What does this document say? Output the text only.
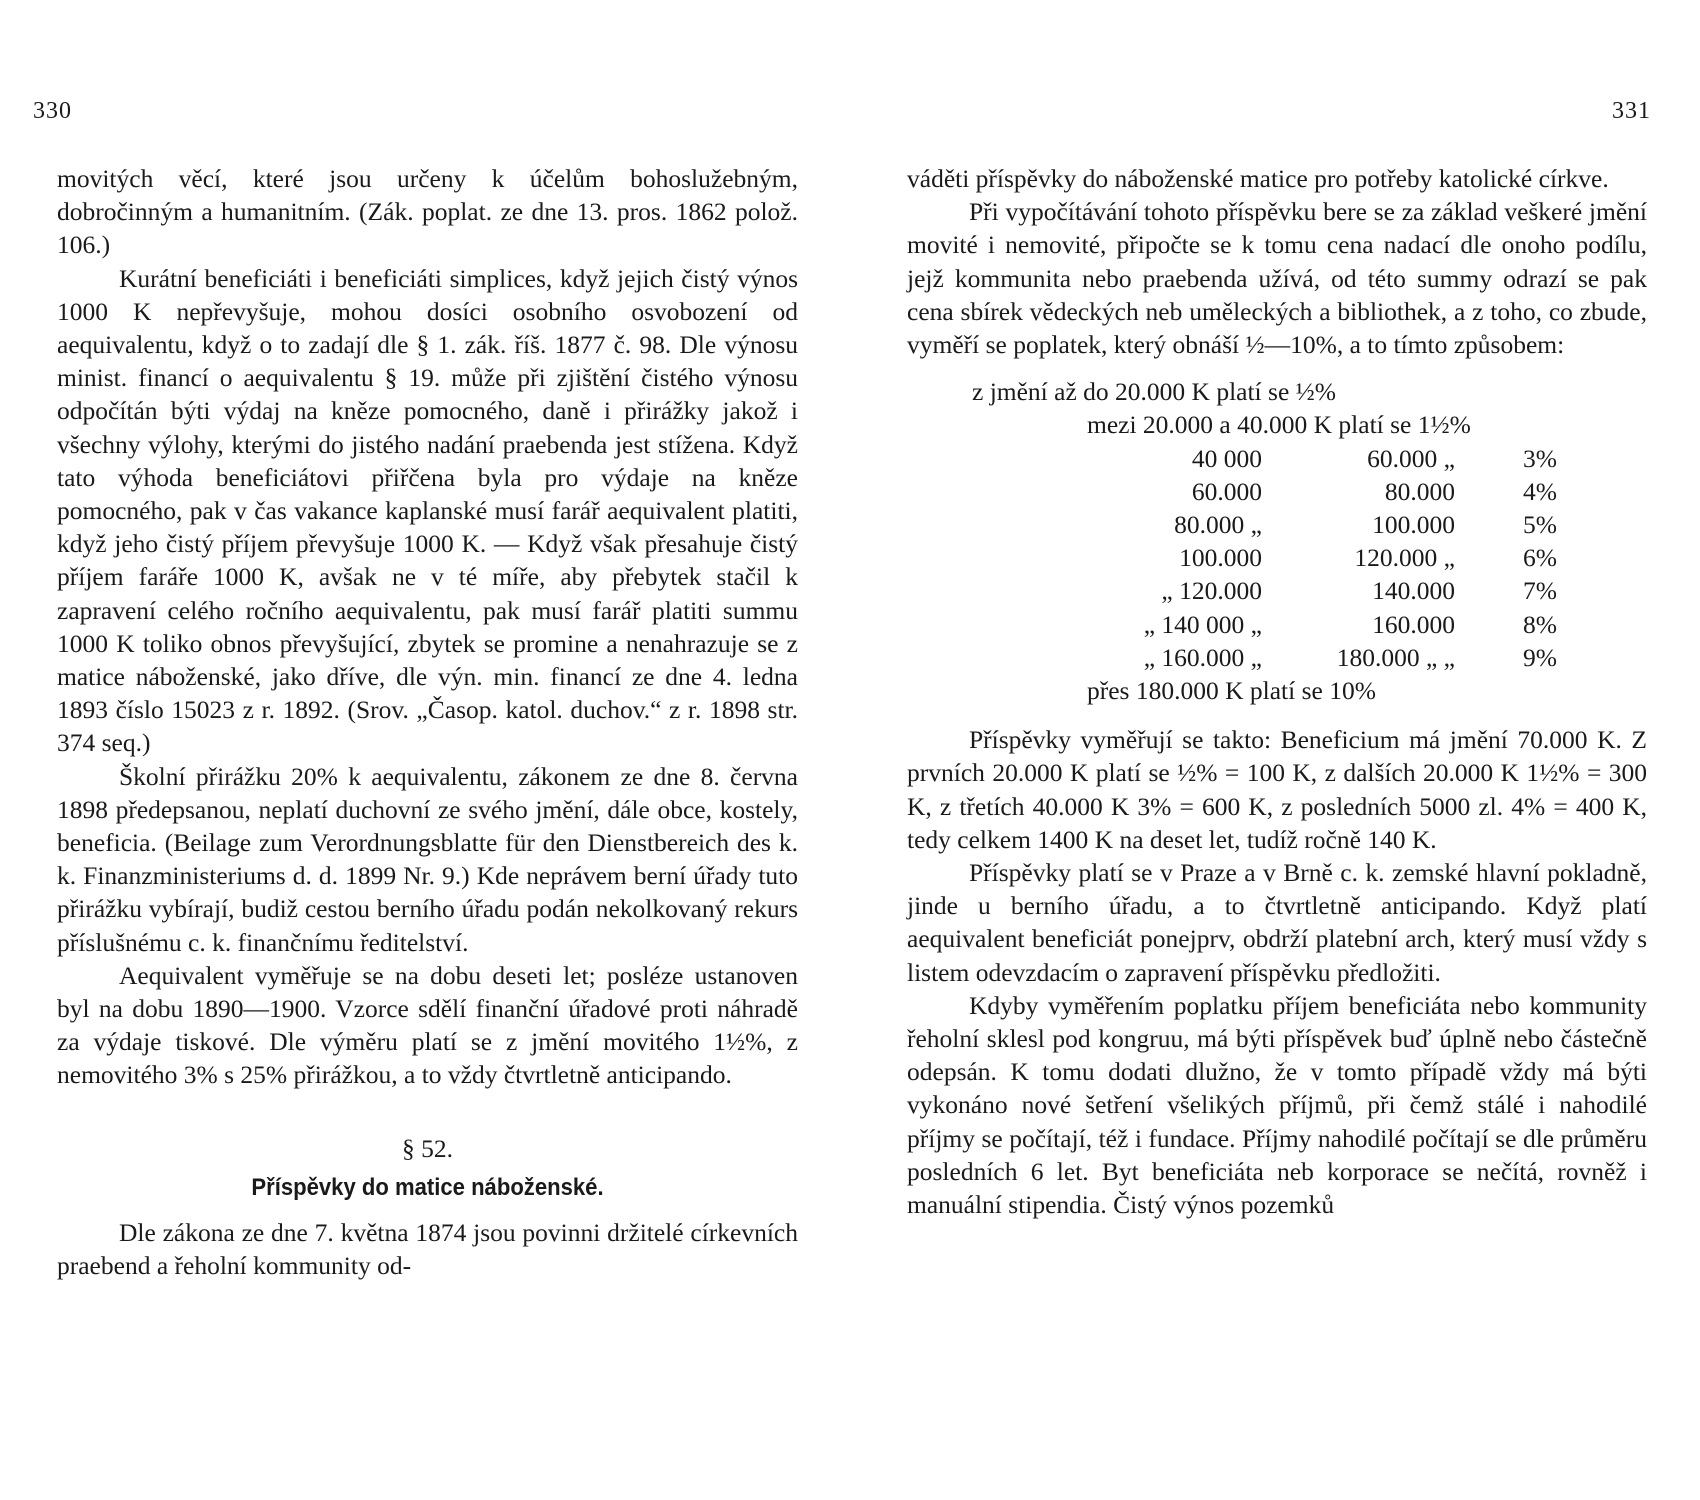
330	331

movitých věcí, které jsou určeny k účelům bohoslužebným, dobročinným a humanitním. (Zák. poplat. ze dne 13. pros. 1862 polož. 106.)

Kurátní beneficiáti i beneficiáti simplices, když jejich čistý výnos 1000 K nepřevyšuje, mohou dosíci osobního osvobození od aequivalentu, když o to zadají dle § 1. zák. říš. 1877 č. 98. Dle výnosu minist. financí o aequivalentu § 19. může při zjištění čistého výnosu odpočítán býti výdaj na kněze pomocného, daně i přirážky jakož i všechny výlohy, kterými do jistého nadání praebenda jest stížena. Když tato výhoda beneficiátovi přiřčena byla pro výdaje na kněze pomocného, pak v čas vakance kaplanské musí farář aequivalent platiti, když jeho čistý příjem převyšuje 1000 K. — Když však přesahuje čistý příjem faráře 1000 K, avšak ne v té míře, aby přebytek stačil k zapravení celého ročního aequivalentu, pak musí farář platiti summu 1000 K toliko obnos převyšující, zbytek se promine a nenahrazuje se z matice náboženské, jako dříve, dle výn. min. financí ze dne 4. ledna 1893 číslo 15023 z r. 1892. (Srov. „Časop. katol. duchov.“ z r. 1898 str. 374 seq.)

Školní přirážku 20% k aequivalentu, zákonem ze dne 8. června 1898 předepsanou, neplatí duchovní ze svého jmění, dále obce, kostely, beneficia. (Beilage zum Verordnungsblatte für den Dienstbereich des k. k. Finanzministeriums d. d. 1899 Nr. 9.) Kde neprávem berní úřady tuto přirážku vybírají, budiž cestou berního úřadu podán nekolkovaný rekurs příslušnému c. k. finančnímu ředitelství.

Aequivalent vyměřuje se na dobu deseti let; posléze ustanoven byl na dobu 1890—1900. Vzorce sdělí finanční úřadové proti náhradě za výdaje tiskové. Dle výměru platí se z jmění movitého 1½%, z nemovitého 3% s 25% přirážkou, a to vždy čtvrtletně anticipando.

§ 52.

Příspěvky do matice náboženské.

Dle zákona ze dne 7. května 1874 jsou povinni držitelé církevních praebend a řeholní kommunity od-

váděti příspěvky do náboženské matice pro potřeby katolické církve.

Při vypočítávání tohoto příspěvku bere se za základ veškeré jmění movité i nemovité, připočte se k tomu cena nadací dle onoho podílu, jejž kommunita nebo praebenda užívá, od této summy odrazí se pak cena sbírek vědeckých neb uměleckých a bibliothek, a z toho, co zbude, vyměří se poplatek, který obnáší ½—10%, a to tímto způsobem:

z jmění až do 20.000 K platí se ½%
mezi 20.000 a 40.000 K platí se 1½%
40 000	60.000 „	3%
60.000	80.000	4%
80.000 „	100.000	5%
100.000	120.000 „	6%
„ 120.000	140.000	7%
„ 140 000 „	160.000	8%
„ 160.000 „	180.000 „ „	9%
přes 180.000 K platí se 10%

Příspěvky vyměřují se takto: Beneficium má jmění 70.000 K. Z prvních 20.000 K platí se ½% = 100 K, z dalších 20.000 K 1½% = 300 K, z třetích 40.000 K 3% = 600 K, z posledních 5000 zl. 4% = 400 K, tedy celkem 1400 K na deset let, tudíž ročně 140 K.

Příspěvky platí se v Praze a v Brně c. k. zemské hlavní pokladně, jinde u berního úřadu, a to čtvrtletně anticipando. Když platí aequivalent beneficiát ponejprv, obdrží platební arch, který musí vždy s listem odevzdacím o zapravení příspěvku předložiti.

Kdyby vyměřením poplatku příjem beneficiáta nebo kommunity řeholní sklesl pod kongruu, má býti příspěvek buď úplně nebo částečně odepsán. K tomu dodati dlužno, že v tomto případě vždy má býti vykonáno nové šetření všelikých příjmů, při čemž stálé i nahodilé příjmy se počítají, též i fundace. Příjmy nahodilé počítají se dle průměru posledních 6 let. Byt beneficiáta neb korporace se nečítá, rovněž i manuální stipendia. Čistý výnos pozemků
